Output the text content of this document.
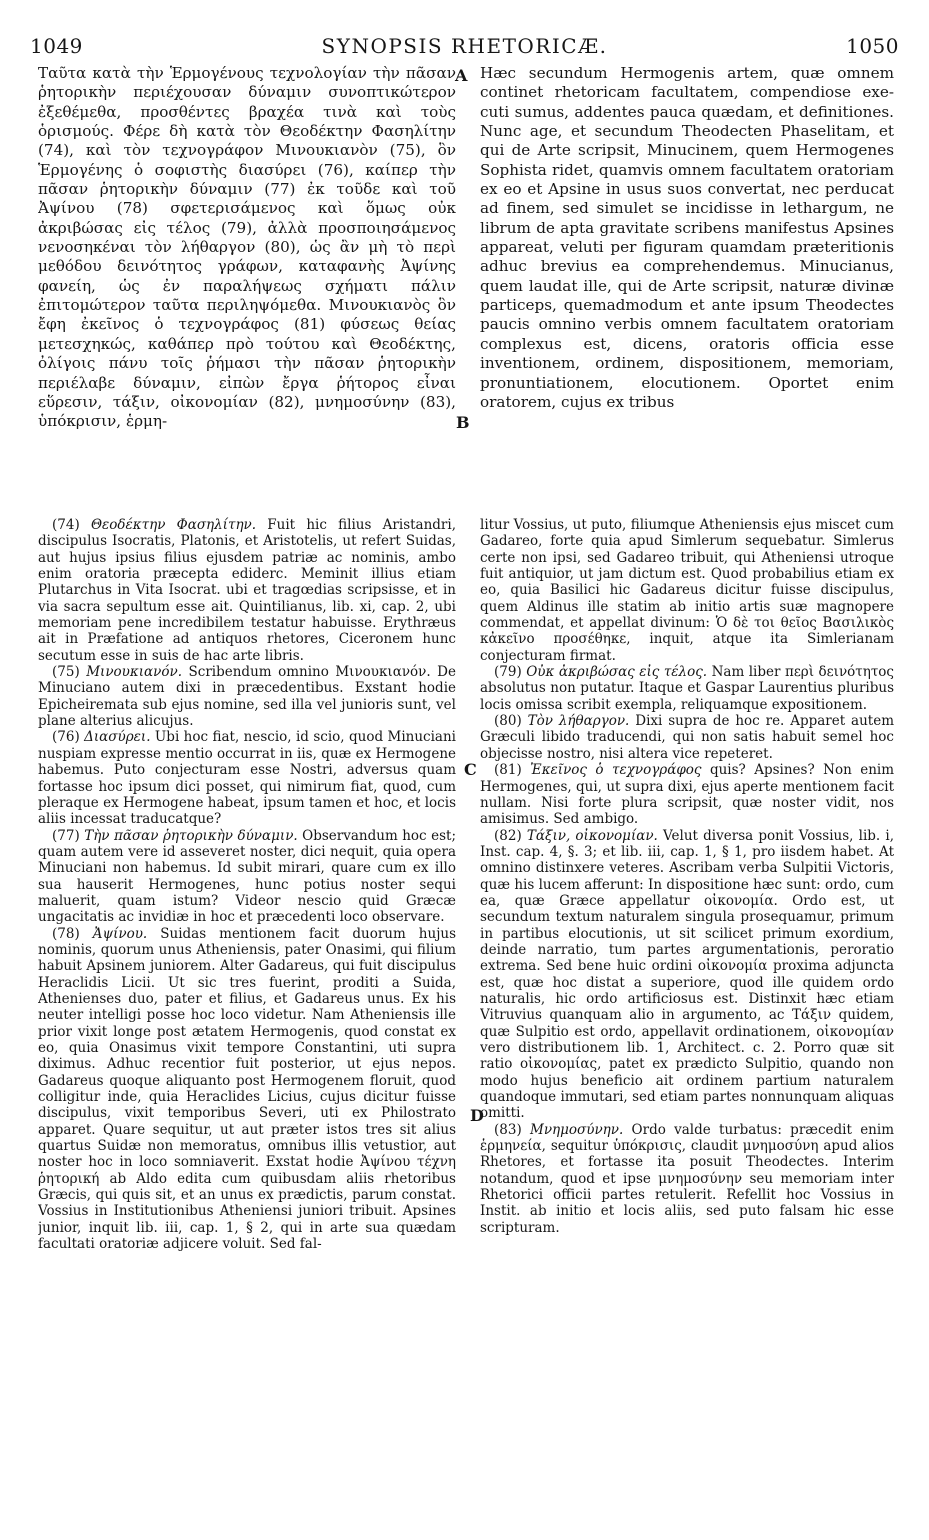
1049	SYNOPSIS RHETORICÆ.	1050

Ταῦτα κατὰ τὴν Ἑρμογένους τεχνολογίαν τὴν πᾶσαν ῥητορικὴν περιέχουσαν δύναμιν συνοπτικώτερον ἐξεθέμεθα, προσθέντες βραχέα τινὰ καὶ τοὺς ὁρισμούς. Φέρε δὴ κατὰ τὸν Θεοδέκτην Φασηλίτην (74), καὶ τὸν τεχνογράφον Μινουκιανὸν (75), ὃν Ἑρμογένης ὁ σοφιστὴς διασύρει (76), καίπερ τὴν πᾶσαν ῥητορικὴν δύναμιν (77) ἐκ τοῦδε καὶ τοῦ Ἀψίνου (78) σφετερισάμενος καὶ ὅμως οὐκ ἀκριβώσας εἰς τέλος (79), ἀλλὰ προσποιησάμενος νενοσηκέναι τὸν λήθαργον (80), ὡς ἂν μὴ τὸ περὶ μεθόδου δεινότητος γράφων, καταφανὴς Ἀψίνης φανείη, ὡς ἐν παραλήψεως σχήματι πάλιν ἐπιτομώτερον ταῦτα περιληψόμεθα. Μινουκιανὸς ὃν ἔφη ἐκεῖνος ὁ τεχνογράφος (81) φύσεως θείας μετεσχηκώς, καθάπερ πρὸ τούτου καὶ Θεοδέκτης, ὀλίγοις πάνυ τοῖς ῥήμασι τὴν πᾶσαν ῥητορικὴν περιέλαβε δύναμιν, εἰπὼν ἔργα ῥήτορος εἶναι εὕρεσιν, τάξιν, οἰκονομίαν (82), μνημοσύνην (83), ὑπόκρισιν, ἑρμη-

Hæc secundum Hermogenis artem, quæ omnem continet rhetoricam facultatem, compendiose exe-cuti sumus, addentes pauca quædam, et definitiones. Nunc age, et secundum Theodecten Phaselitam, et qui de Arte scripsit, Minucinem, quem Hermogenes Sophista ridet, quamvis omnem facultatem oratoriam ex eo et Apsine in usus suos convertat, nec perducat ad finem, sed simulet se incidisse in lethargum, ne librum de apta gravitate scribens manifestus Apsines appareat, veluti per figuram quamdam præteritionis adhuc brevius ea comprehendemus. Minucianus, quem laudat ille, qui de Arte scripsit, naturæ divinæ particeps, quemadmodum et ante ipsum Theodectes paucis omnino verbis omnem facultatem oratoriam complexus est, dicens, oratoris officia esse inventionem, ordinem, dispositionem, memoriam, pronuntiationem, elocutionem. Oportet enim oratorem, cujus ex tribus

A
B
C
D

(74) Θεοδέκτην Φασηλίτην. Fuit hic filius Aristandri, discipulus Isocratis, Platonis, et Aristotelis, ut refert Suidas, aut hujus ipsius filius ejusdem patriæ ac nominis, ambo enim oratoria præcepta ediderc. Meminit illius etiam Plutarchus in Vita Isocrat. ubi et tragœdias scripsisse, et in via sacra sepultum esse ait. Quintilianus, lib. xi, cap. 2, ubi memoriam pene incredibilem testatur habuisse. Erythræus ait in Præfatione ad antiquos rhetores, Ciceronem hunc secutum esse in suis de hac arte libris.

(75) Μινουκιανόν. Scribendum omnino Μινουκιανόν. De Minuciano autem dixi in præcedentibus. Exstant hodie Epicheiremata sub ejus nomine, sed illa vel junioris sunt, vel plane alterius alicujus.

(76) Διασύρει. Ubi hoc fiat, nescio, id scio, quod Minuciani nuspiam expresse mentio occurrat in iis, quæ ex Hermogene habemus. Puto conjecturam esse Nostri, adversus quam fortasse hoc ipsum dici posset, qui nimirum fiat, quod, cum pleraque ex Hermogene habeat, ipsum tamen et hoc, et locis aliis incessat traducatque?

(77) Τὴν πᾶσαν ῥητορικὴν δύναμιν. Observandum hoc est; quam autem vere id asseveret noster, dici nequit, quia opera Minuciani non habemus. Id subit mirari, quare cum ex illo sua hauserit Hermogenes, hunc potius noster sequi maluerit, quam istum? Videor nescio quid Græcæ ungacitatis ac invidiæ in hoc et præcedenti loco observare.

(78) Ἀψίνου. Suidas mentionem facit duorum hujus nominis, quorum unus Atheniensis, pater Onasimi, qui filium habuit Apsinem juniorem. Alter Gadareus, qui fuit discipulus Heraclidis Licii. Ut sic tres fuerint, proditi a Suida, Athenienses duo, pater et filius, et Gadareus unus. Ex his neuter intelligi posse hoc loco videtur. Nam Atheniensis ille prior vixit longe post ætatem Hermogenis, quod constat ex eo, quia Onasimus vixit tempore Constantini, uti supra diximus. Adhuc recentior fuit posterior, ut ejus nepos. Gadareus quoque aliquanto post Hermogenem floruit, quod colligitur inde, quia Heraclides Licius, cujus dicitur fuisse discipulus, vixit temporibus Severi, uti ex Philostrato apparet. Quare sequitur, ut aut præter istos tres sit alius quartus Suidæ non memoratus, omnibus illis vetustior, aut noster hoc in loco somniaverit. Exstat hodie Ἀψίνου τέχνη ῥητορική ab Aldo edita cum quibusdam aliis rhetoribus Græcis, qui quis sit, et an unus ex prædictis, parum constat. Vossius in Institutionibus Atheniensi juniori tribuit. Apsines junior, inquit lib. iii, cap. 1, § 2, qui in arte sua quædam facultati oratoriæ adjicere voluit. Sed fal-

litur Vossius, ut puto, filiumque Atheniensis ejus miscet cum Gadareo, forte quia apud Simlerum sequebatur. Simlerus certe non ipsi, sed Gadareo tribuit, qui Atheniensi utroque fuit antiquior, ut jam dictum est. Quod probabilius etiam ex eo, quia Basilici hic Gadareus dicitur fuisse discipulus, quem Aldinus ille statim ab initio artis suæ magnopere commendat, et appellat divinum: Ὁ δὲ τοι θεῖος Βασιλικὸς κἀκεῖνο προσέθηκε, inquit, atque ita Simlerianam conjecturam firmat.

(79) Οὐκ ἀκριβώσας εἰς τέλος. Nam liber περὶ δεινότητος absolutus non putatur. Itaque et Gaspar Laurentius pluribus locis omissa scribit exempla, reliquamque expositionem.

(80) Τὸν λήθαργον. Dixi supra de hoc re. Apparet autem Græculi libido traducendi, qui non satis habuit semel hoc objecisse nostro, nisi altera vice repeteret.

(81) Ἐκεῖνος ὁ τεχνογράφος quis? Apsines? Non enim Hermogenes, qui, ut supra dixi, ejus aperte mentionem facit nullam. Nisi forte plura scripsit, quæ noster vidit, nos amisimus. Sed ambigo.

(82) Τάξιν, οἰκονομίαν. Velut diversa ponit Vossius, lib. i, Inst. cap. 4, §. 3; et lib. iii, cap. 1, § 1, pro iisdem habet. At omnino distinxere veteres. Ascribam verba Sulpitii Victoris, quæ his lucem afferunt: In dispositione hæc sunt: ordo, cum ea, quæ Græce appellatur οἰκονομία. Ordo est, ut secundum textum naturalem singula prosequamur, primum in partibus elocutionis, ut sit scilicet primum exordium, deinde narratio, tum partes argumentationis, peroratio extrema. Sed bene huic ordini οἰκονομία proxima adjuncta est, quæ hoc distat a superiore, quod ille quidem ordo naturalis, hic ordo artificiosus est. Distinxit hæc etiam Vitruvius quanquam alio in argumento, ac Τάξιν quidem, quæ Sulpitio est ordo, appellavit ordinationem, οἰκονομίαν vero distributionem lib. 1, Architect. c. 2. Porro quæ sit ratio οἰκονομίας, patet ex prædicto Sulpitio, quando non modo hujus beneficio ait ordinem partium naturalem quandoque immutari, sed etiam partes nonnunquam aliquas omitti.

(83) Μνημοσύνην. Ordo valde turbatus: præcedit enim ἑρμηνεία, sequitur ὑπόκρισις, claudit μνημοσύνη apud alios Rhetores, et fortasse ita posuit Theodectes. Interim notandum, quod et ipse μνημοσύνην seu memoriam inter Rhetorici officii partes retulerit. Refellit hoc Vossius in Instit. ab initio et locis aliis, sed puto falsam hic esse scripturam.
